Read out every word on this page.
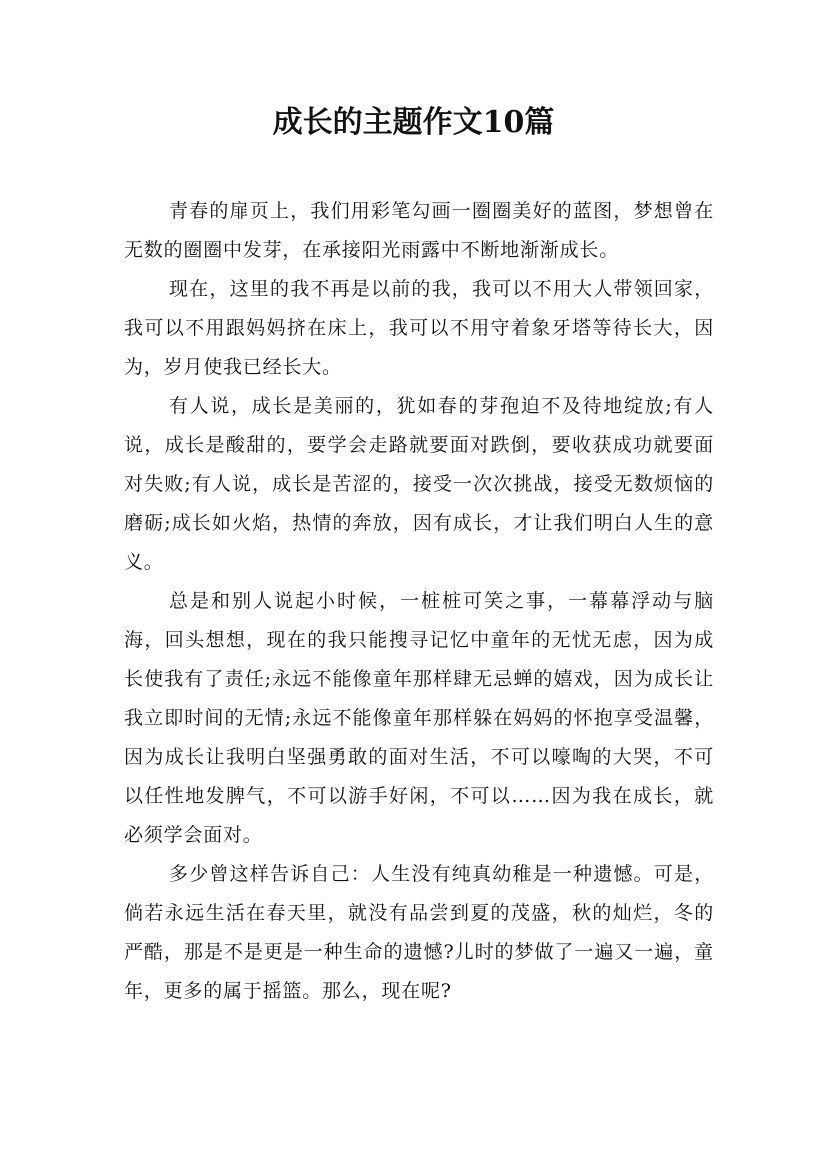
成长的主题作文10篇

青春的扉页上，我们用彩笔勾画一圈圈美好的蓝图，梦想曾在无数的圈圈中发芽，在承接阳光雨露中不断地渐渐成长。

现在，这里的我不再是以前的我，我可以不用大人带领回家，我可以不用跟妈妈挤在床上，我可以不用守着象牙塔等待长大，因为，岁月使我已经长大。

有人说，成长是美丽的，犹如春的芽孢迫不及待地绽放;有人说，成长是酸甜的，要学会走路就要面对跌倒，要收获成功就要面对失败;有人说，成长是苦涩的，接受一次次挑战，接受无数烦恼的磨砺;成长如火焰，热情的奔放，因有成长，才让我们明白人生的意义。

总是和别人说起小时候，一桩桩可笑之事，一幕幕浮动与脑海，回头想想，现在的我只能搜寻记忆中童年的无忧无虑，因为成长使我有了责任;永远不能像童年那样肆无忌蝉的嬉戏，因为成长让我立即时间的无情;永远不能像童年那样躲在妈妈的怀抱享受温馨，因为成长让我明白坚强勇敢的面对生活，不可以嚎啕的大哭，不可以任性地发脾气，不可以游手好闲，不可以……因为我在成长，就必须学会面对。

多少曾这样告诉自己：人生没有纯真幼稚是一种遗憾。可是，倘若永远生活在春天里，就没有品尝到夏的茂盛，秋的灿烂，冬的严酷，那是不是更是一种生命的遗憾?儿时的梦做了一遍又一遍，童年，更多的属于摇篮。那么，现在呢?
